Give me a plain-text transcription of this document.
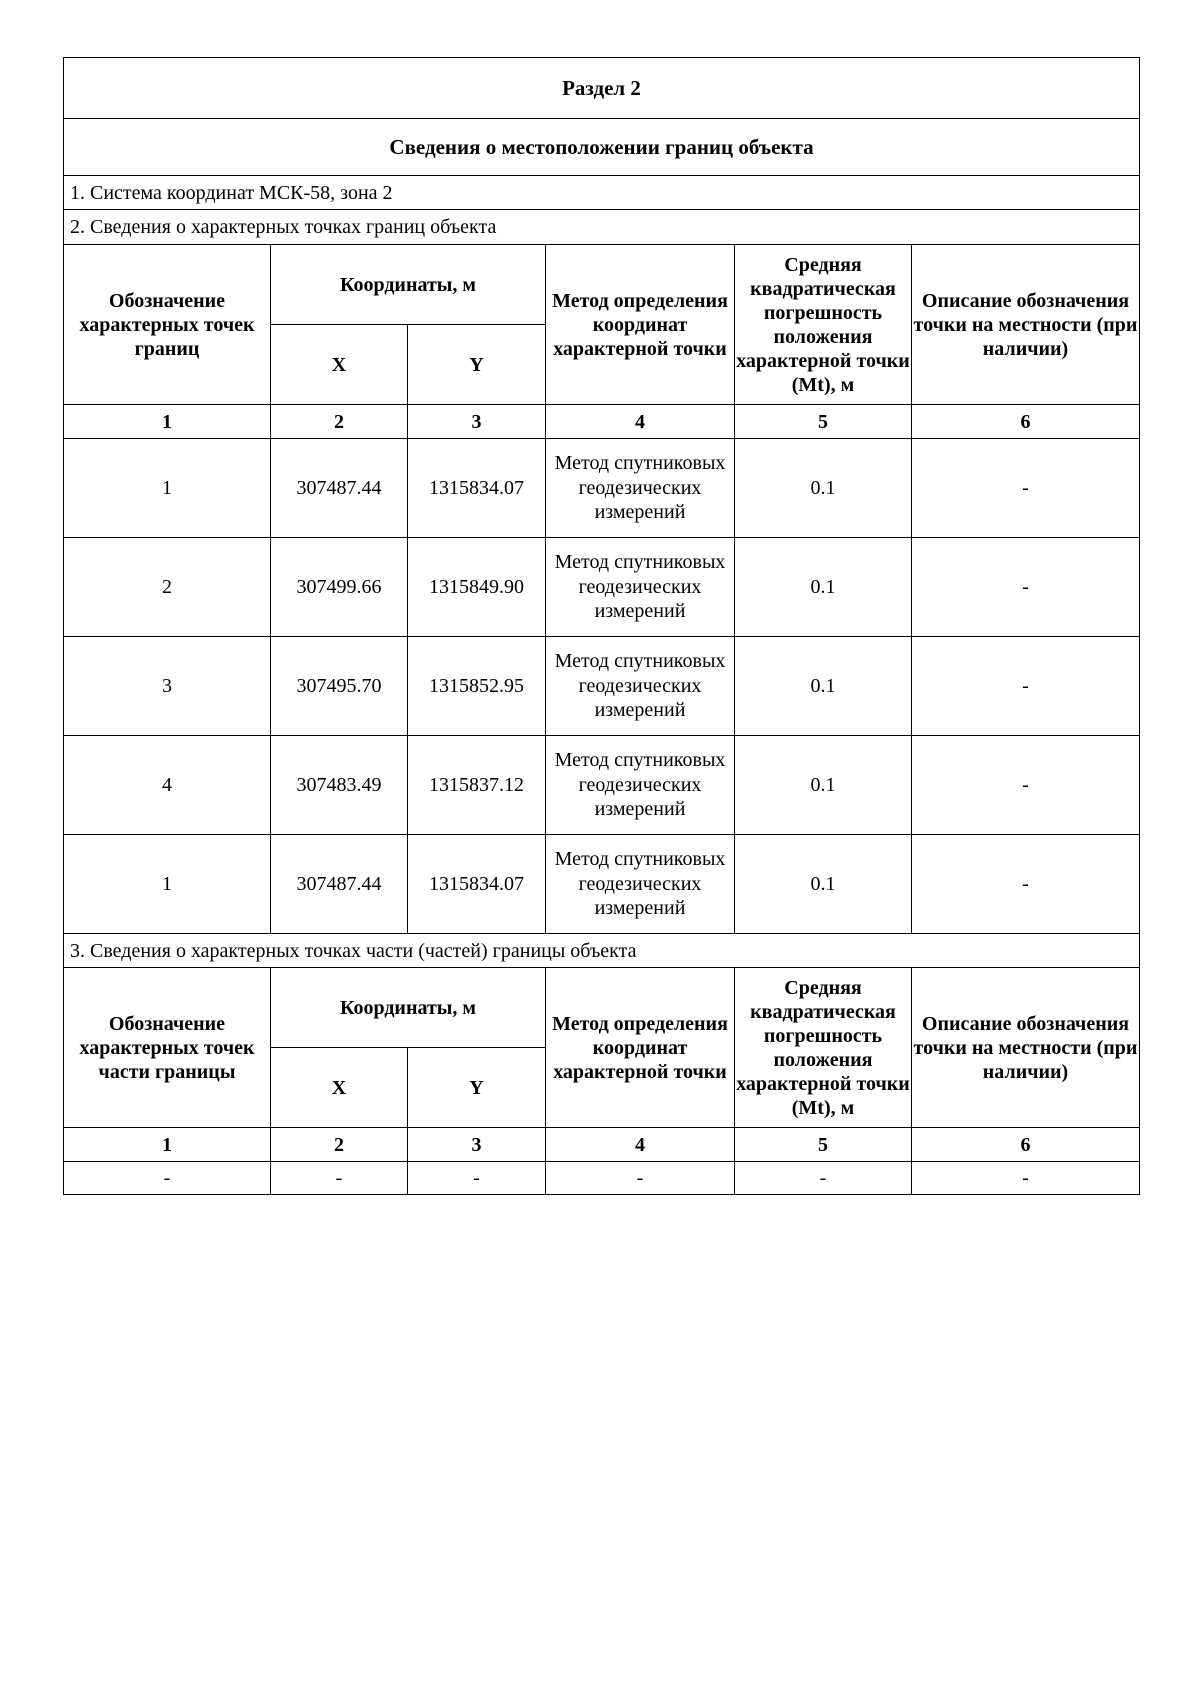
Раздел 2					
Сведения о местоположении границ объекта					
1. Система координат МСК-58, зона 2					
2. Сведения о характерных точках границ объекта					
Обозначение характерных точек границ	Координаты, м		Метод определения координат характерной точки	Средняя квадратическая погрешность положения характерной точки (Mt), м	Описание обозначения точки на местности (при наличии)
	X	Y			
1	2	3	4	5	6
1	307487.44	1315834.07	Метод спутниковых геодезических измерений	0.1	-
2	307499.66	1315849.90	Метод спутниковых геодезических измерений	0.1	-
3	307495.70	1315852.95	Метод спутниковых геодезических измерений	0.1	-
4	307483.49	1315837.12	Метод спутниковых геодезических измерений	0.1	-
1	307487.44	1315834.07	Метод спутниковых геодезических измерений	0.1	-
3. Сведения о характерных точках части (частей) границы объекта					
Обозначение характерных точек части границы	Координаты, м		Метод определения координат характерной точки	Средняя квадратическая погрешность положения характерной точки (Mt), м	Описание обозначения точки на местности (при наличии)
	X	Y			
1	2	3	4	5	6
-	-	-	-	-	-
